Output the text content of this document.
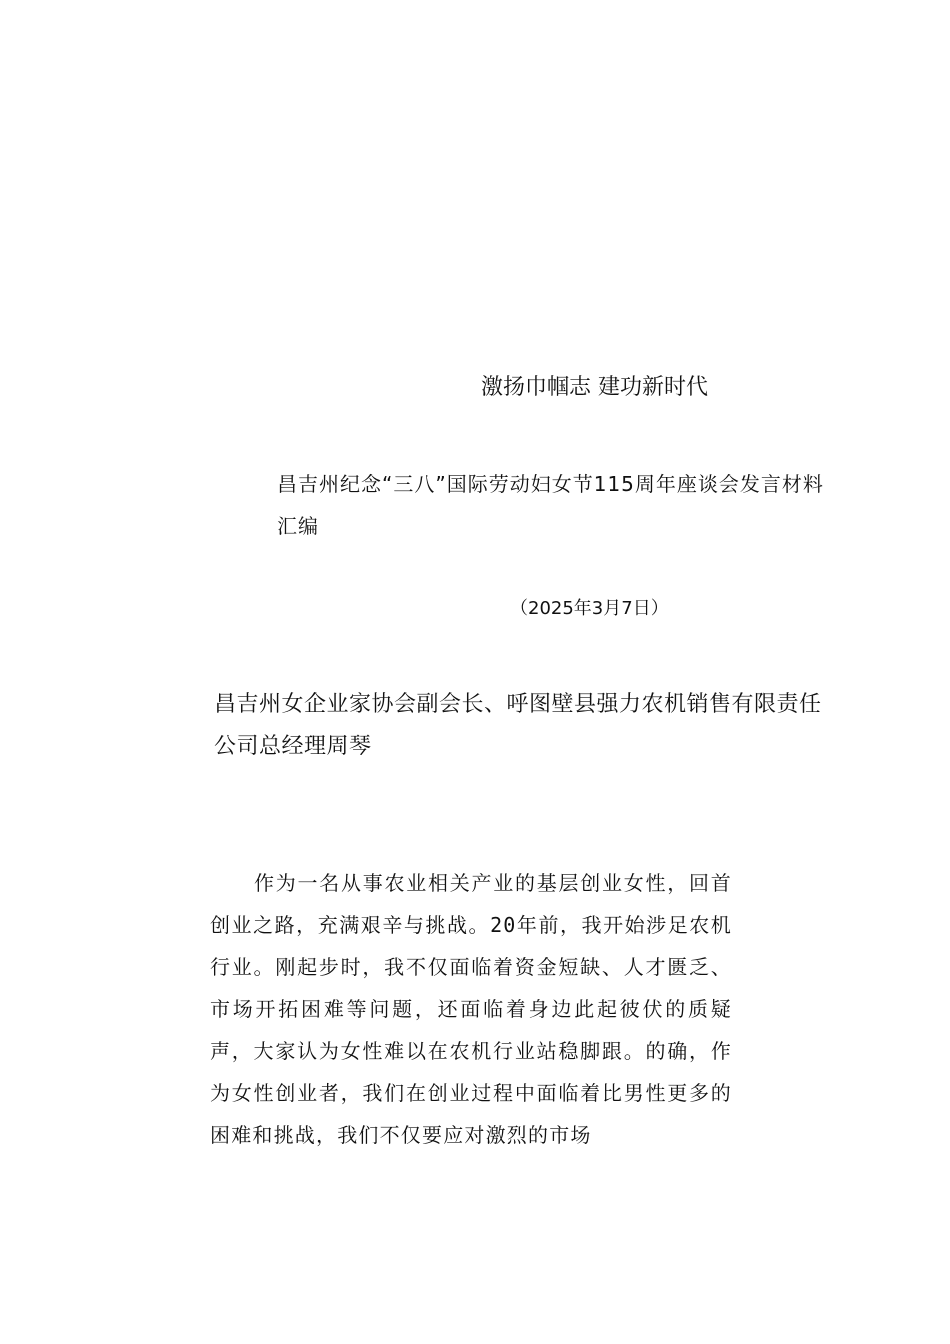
激扬巾帼志 建功新时代
昌吉州纪念“三八”国际劳动妇女节115周年座谈会发言材料汇编
（2025年3月7日）
昌吉州女企业家协会副会长、呼图壁县强力农机销售有限责任公司总经理周琴
作为一名从事农业相关产业的基层创业女性，回首创业之路，充满艰辛与挑战。20年前，我开始涉足农机行业。刚起步时，我不仅面临着资金短缺、人才匮乏、市场开拓困难等问题，还面临着身边此起彼伏的质疑声，大家认为女性难以在农机行业站稳脚跟。的确，作为女性创业者，我们在创业过程中面临着比男性更多的困难和挑战，我们不仅要应对激烈的市场
